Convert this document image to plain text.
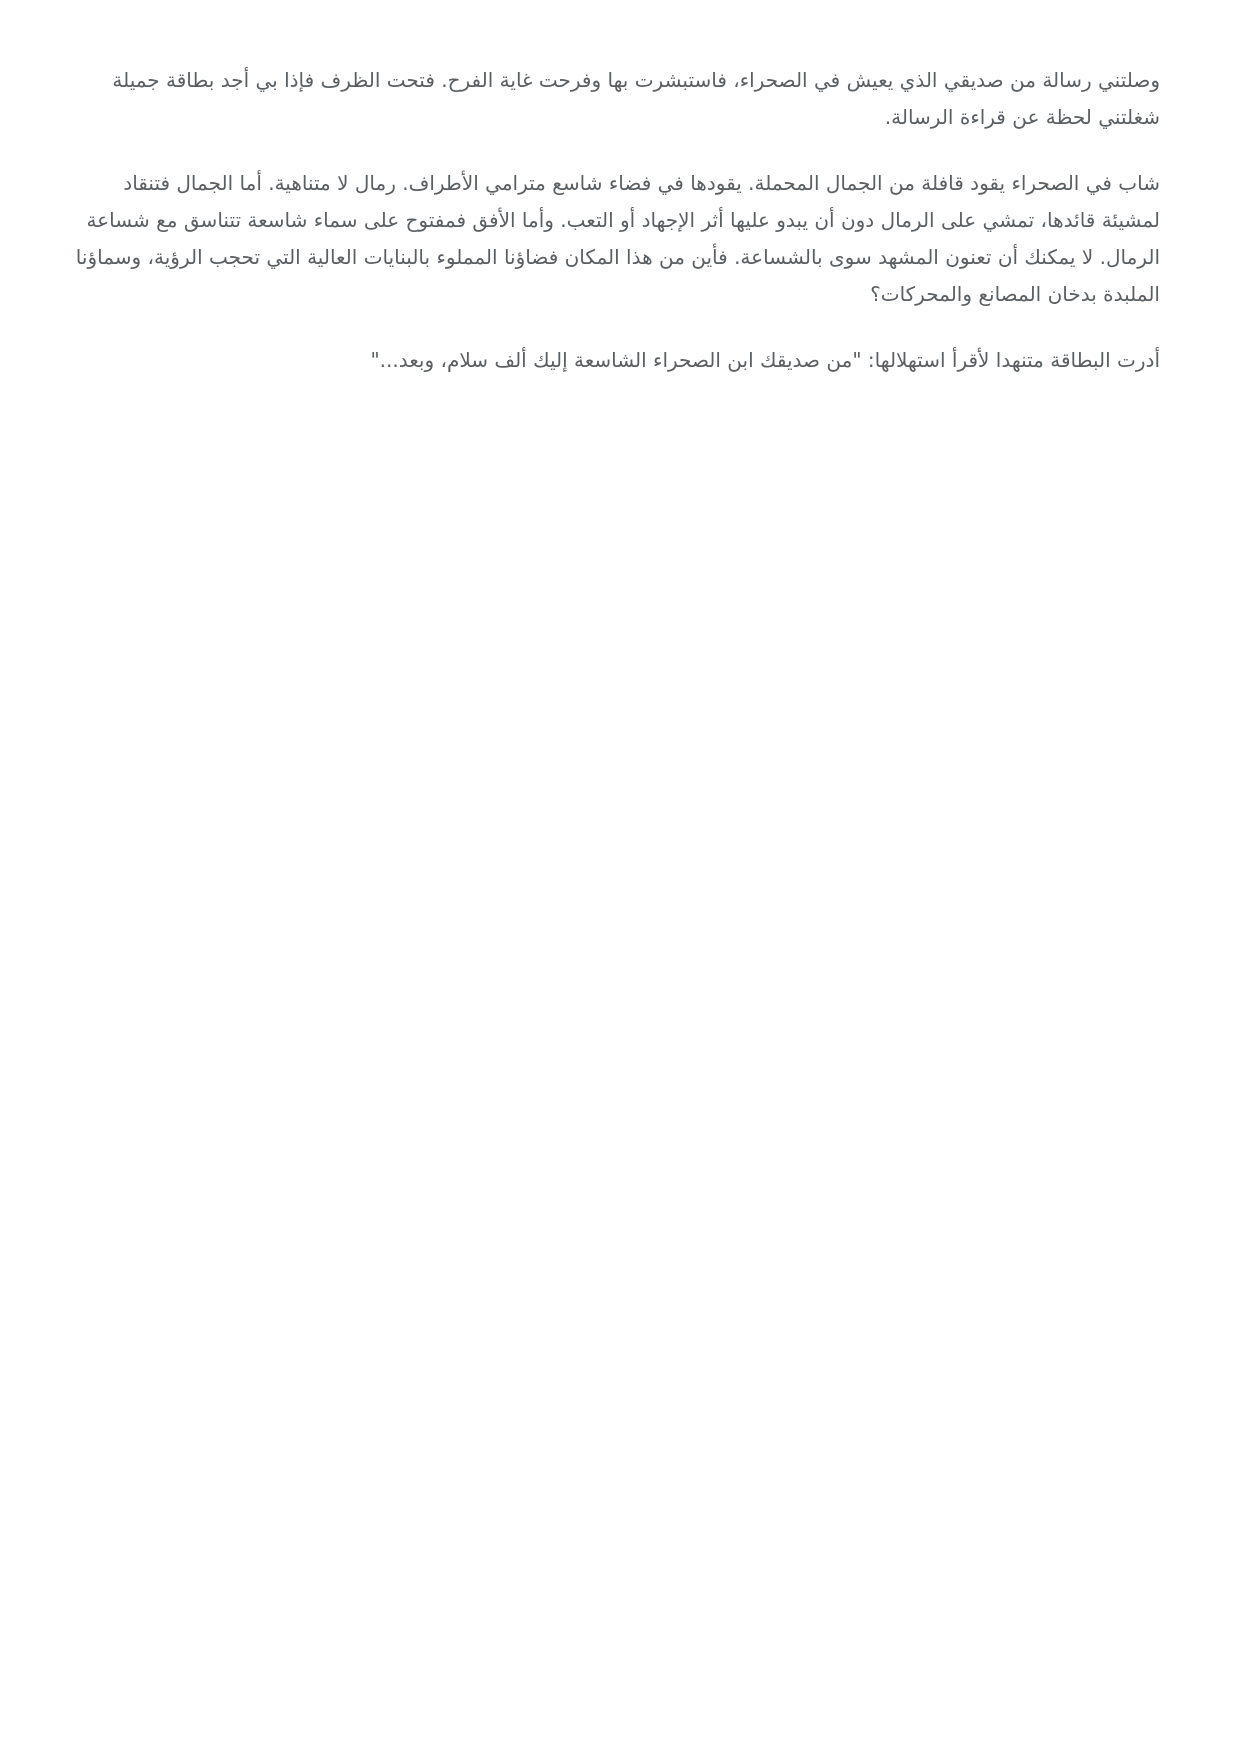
وصلتني رسالة من صديقي الذي يعيش في الصحراء، فاستبشرت بها وفرحت غاية الفرح. فتحت الظرف فإذا بي أجد بطاقة جميلة شغلتني لحظة عن قراءة الرسالة.

شاب في الصحراء يقود قافلة من الجمال المحملة. يقودها في فضاء شاسع مترامي الأطراف. رمال لا متناهية. أما الجمال فتنقاد لمشيئة قائدها، تمشي على الرمال دون أن يبدو عليها أثر الإجهاد أو التعب. وأما الأفق فمفتوح على سماء شاسعة تتناسق مع شساعة الرمال. لا يمكنك أن تعنون المشهد سوى بالشساعة. فأين من هذا المكان فضاؤنا المملوء بالبنايات العالية التي تحجب الرؤية، وسماؤنا الملبدة بدخان المصانع والمحركات؟

أدرت البطاقة متنهدا لأقرأ استهلالها: "من صديقك ابن الصحراء الشاسعة إليك ألف سلام، وبعد..."
